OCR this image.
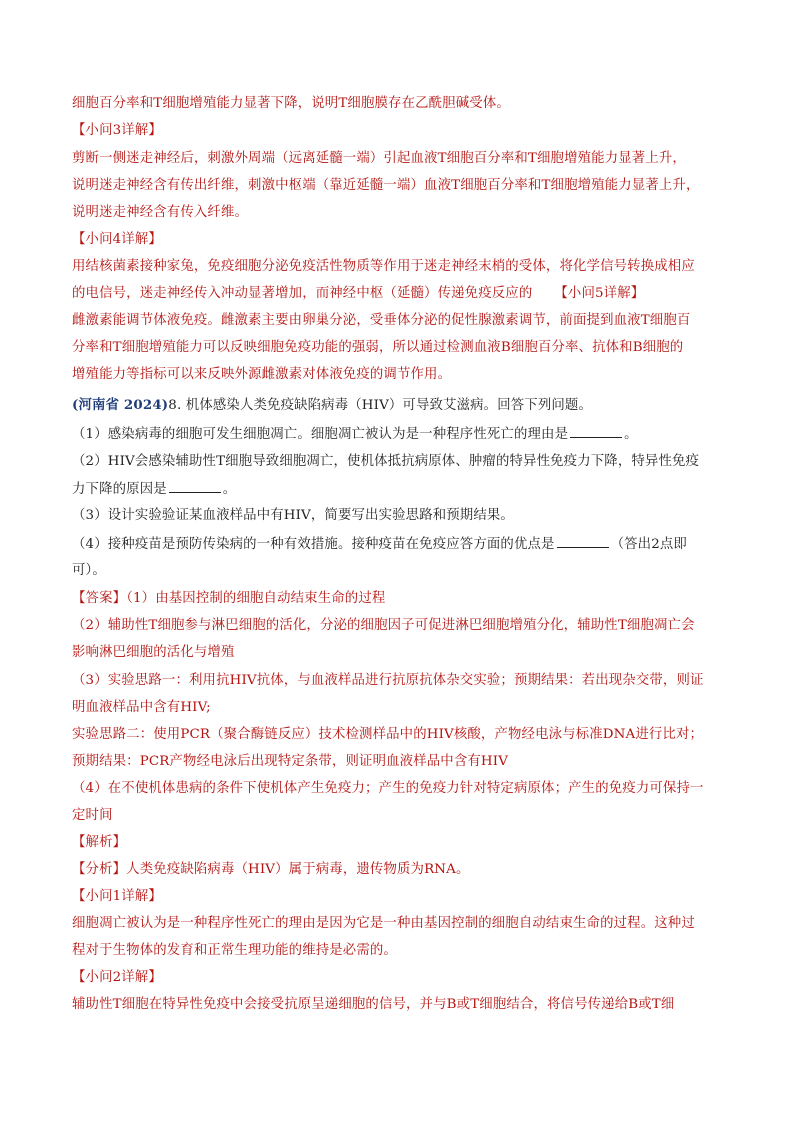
细胞百分率和T细胞增殖能力显著下降，说明T细胞膜存在乙酰胆碱受体。
【小问3详解】
剪断一侧迷走神经后，刺激外周端（远离延髓一端）引起血液T细胞百分率和T细胞增殖能力显著上升，
说明迷走神经含有传出纤维，刺激中枢端（靠近延髓一端）血液T细胞百分率和T细胞增殖能力显著上升，
说明迷走神经含有传入纤维。
【小问4详解】
用结核菌素接种家兔，免疫细胞分泌免疫活性物质等作用于迷走神经末梢的受体，将化学信号转换成相应
的电信号，迷走神经传入冲动显著增加，而神经中枢（延髓）传递免疫反应的 【小问5详解】
雌激素能调节体液免疫。雌激素主要由卵巢分泌，受垂体分泌的促性腺激素调节，前面提到血液T细胞百
分率和T细胞增殖能力可以反映细胞免疫功能的强弱，所以通过检测血液B细胞百分率、抗体和B细胞的
增殖能力等指标可以来反映外源雌激素对体液免疫的调节作用。
(河南省 2024)8. 机体感染人类免疫缺陷病毒（HIV）可导致艾滋病。回答下列问题。
（1）感染病毒的细胞可发生细胞凋亡。细胞凋亡被认为是一种程序性死亡的理由是	。
（2）HIV会感染辅助性T细胞导致细胞凋亡，使机体抵抗病原体、肿瘤的特异性免疫力下降，特异性免疫
力下降的原因是	。
（3）设计实验验证某血液样品中有HIV，简要写出实验思路和预期结果。
（4）接种疫苗是预防传染病的一种有效措施。接种疫苗在免疫应答方面的优点是	（答出2点即
可）。
【答案】（1）由基因控制的细胞自动结束生命的过程
（2）辅助性T细胞参与淋巴细胞的活化，分泌的细胞因子可促进淋巴细胞增殖分化，辅助性T细胞凋亡会
影响淋巴细胞的活化与增殖
（3）实验思路一：利用抗HIV抗体，与血液样品进行抗原抗体杂交实验；预期结果：若出现杂交带，则证
明血液样品中含有HIV;
实验思路二：使用PCR（聚合酶链反应）技术检测样品中的HIV核酸，产物经电泳与标准DNA进行比对；
预期结果：PCR产物经电泳后出现特定条带，则证明血液样品中含有HIV
（4）在不使机体患病的条件下使机体产生免疫力；产生的免疫力针对特定病原体；产生的免疫力可保持一
定时间
【解析】
【分析】人类免疫缺陷病毒（HIV）属于病毒，遗传物质为RNA。
【小问1详解】
细胞凋亡被认为是一种程序性死亡的理由是因为它是一种由基因控制的细胞自动结束生命的过程。这种过
程对于生物体的发育和正常生理功能的维持是必需的。
【小问2详解】
辅助性T细胞在特异性免疫中会接受抗原呈递细胞的信号，并与B或T细胞结合，将信号传递给B或T细
